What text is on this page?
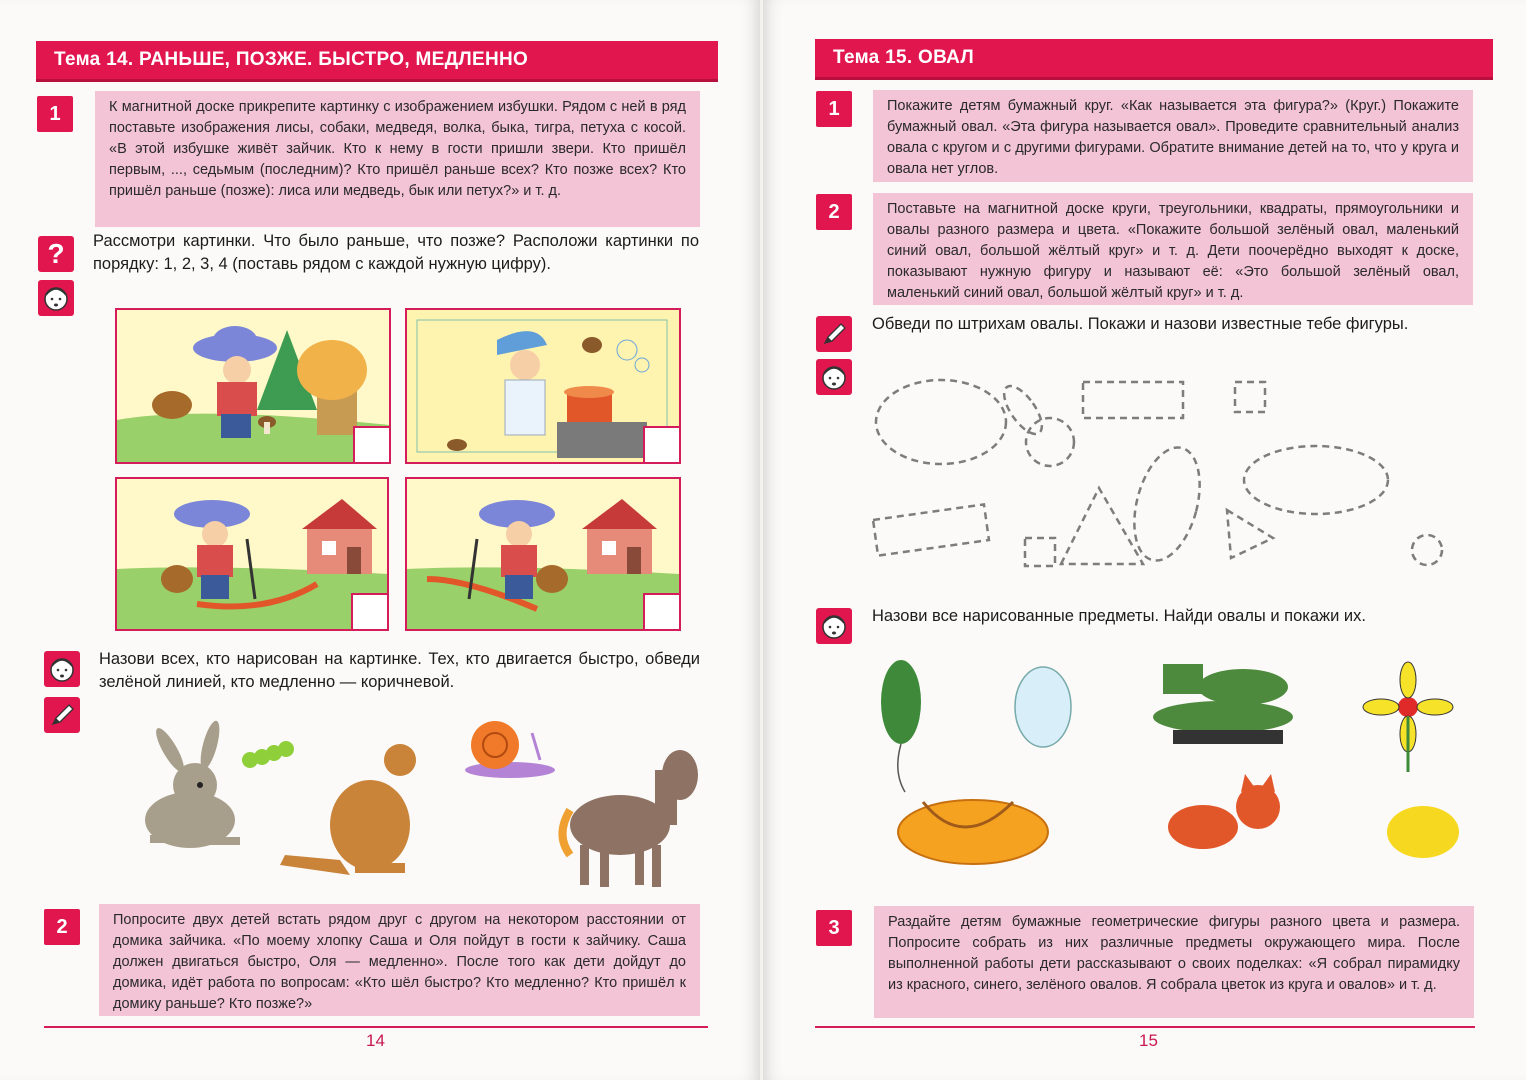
Тема 14. РАНЬШЕ, ПОЗЖЕ. БЫСТРО, МЕДЛЕННО
1	К магнитной доске прикрепите картинку с изображением избушки. Рядом с ней в ряд поставьте изображения лисы, собаки, медведя, волка, быка, тигра, петуха с косой. «В этой избушке живёт зайчик. Кто к нему в гости пришли звери. Кто пришёл первым, ..., седьмым (последним)? Кто пришёл раньше всех? Кто позже всех? Кто пришёл раньше (позже): лиса или медведь, бык или петух?» и т. д.
? Рассмотри картинки. Что было раньше, что позже? Расположи картинки по порядку: 1, 2, 3, 4 (поставь рядом с каждой нужную цифру).
Назови всех, кто нарисован на картинке. Тех, кто двигается быстро, обведи зелёной линией, кто медленно — коричневой.
2	Попросите двух детей встать рядом друг с другом на некотором расстоянии от домика зайчика. «По моему хлопку Саша и Оля пойдут в гости к зайчику. Саша должен двигаться быстро, Оля — медленно». После того как дети дойдут до домика, идёт работа по вопросам: «Кто шёл быстро? Кто медленно? Кто пришёл к домику раньше? Кто позже?»
14
Тема 15. ОВАЛ
1	Покажите детям бумажный круг. «Как называется эта фигура?» (Круг.) Покажите бумажный овал. «Эта фигура называется овал». Проведите сравнительный анализ овала с кругом и с другими фигурами. Обратите внимание детей на то, что у круга и овала нет углов.
2	Поставьте на магнитной доске круги, треугольники, квадраты, прямоугольники и овалы разного размера и цвета. «Покажите большой зелёный овал, маленький синий овал, большой жёлтый круг» и т. д. Дети поочерёдно выходят к доске, показывают нужную фигуру и называют её: «Это большой зелёный овал, маленький синий овал, большой жёлтый круг» и т. д.
Обведи по штрихам овалы. Покажи и назови известные тебе фигуры.
Назови все нарисованные предметы. Найди овалы и покажи их.
3	Раздайте детям бумажные геометрические фигуры разного цвета и размера. Попросите собрать из них различные предметы окружающего мира. После выполненной работы дети рассказывают о своих поделках: «Я собрал пирамидку из красного, синего, зелёного овалов. Я собрала цветок из круга и овалов» и т. д.
15
